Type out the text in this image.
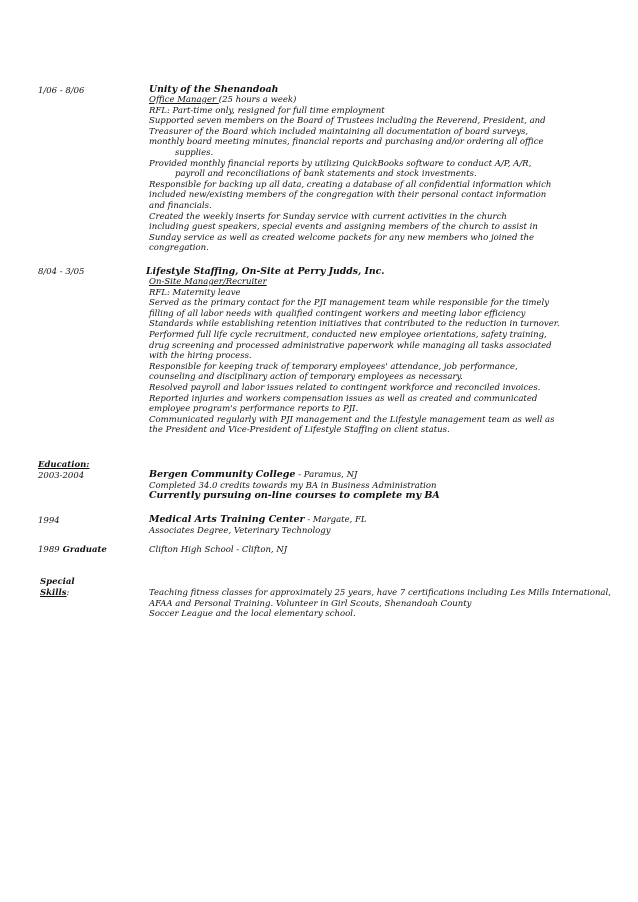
1/06 - 8/06	Unity of the Shenandoah
Office Manager (25 hours a week)
RFL: Part-time only, resigned for full time employment
Supported seven members on the Board of Trustees including the Reverend, President, and
Treasurer of the Board which included maintaining all documentation of board surveys,
monthly board meeting minutes, financial reports and purchasing and/or ordering all office
supplies.
Provided monthly financial reports by utilizing QuickBooks software to conduct A/P, A/R,
payroll and reconciliations of bank statements and stock investments.
Responsible for backing up all data, creating a database of all confidential information which
included new/existing members of the congregation with their personal contact information
and financials.
Created the weekly inserts for Sunday service with current activities in the church
including guest speakers, special events and assigning members of the church to assist in
Sunday service as well as created welcome packets for any new members who joined the
congregation.
8/04 - 3/05	Lifestyle Staffing, On-Site at Perry Judds, Inc.
On-Site Manager/Recruiter
RFL: Maternity leave
Served as the primary contact for the PJI management team while responsible for the timely
filling of all labor needs with qualified contingent workers and meeting labor efficiency
Standards while establishing retention initiatives that contributed to the reduction in turnover.
Performed full life cycle recruitment, conducted new employee orientations, safety training,
drug screening and processed administrative paperwork while managing all tasks associated
with the hiring process.
Responsible for keeping track of temporary employees' attendance, job performance,
counseling and disciplinary action of temporary employees as necessary.
Resolved payroll and labor issues related to contingent workforce and reconciled invoices.
Reported injuries and workers compensation issues as well as created and communicated
employee program's performance reports to PJI.
Communicated regularly with PJI management and the Lifestyle management team as well as
the President and Vice-President of Lifestyle Staffing on client status.
Education:
2003-2004	Bergen Community College - Paramus, NJ
Completed 34.0 credits towards my BA in Business Administration
Currently pursuing on-line courses to complete my BA
1994	Medical Arts Training Center - Margate, FL
Associates Degree, Veterinary Technology
1989 Graduate	Clifton High School - Clifton, NJ
Special
Skills:	Teaching fitness classes for approximately 25 years, have 7 certifications including Les Mills International,
AFAA and Personal Training. Volunteer in Girl Scouts, Shenandoah County
Soccer League and the local elementary school.
